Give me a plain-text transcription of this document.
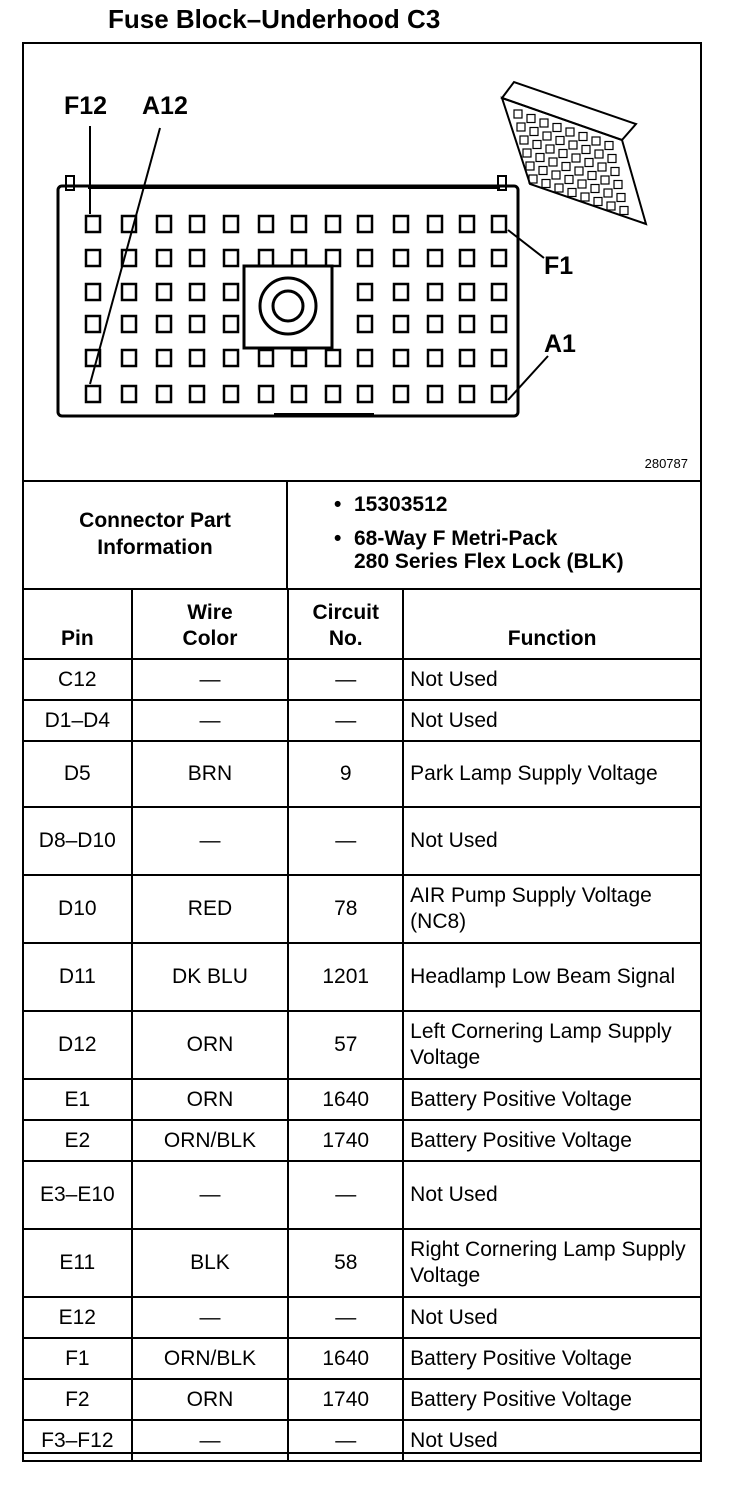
Fuse Block–Underhood C3
F12 A12
F1
A1
280787
Connector Part Information
• 15303512
• 68-Way F Metri-Pack
280 Series Flex Lock (BLK)
Pin	Wire Color	Circuit No.	Function
C12	—	—	Not Used
D1–D4	—	—	Not Used
D5	BRN	9	Park Lamp Supply Voltage
D8–D10	—	—	Not Used
D10	RED	78	AIR Pump Supply Voltage (NC8)
D11	DK BLU	1201	Headlamp Low Beam Signal
D12	ORN	57	Left Cornering Lamp Supply Voltage
E1	ORN	1640	Battery Positive Voltage
E2	ORN/BLK	1740	Battery Positive Voltage
E3–E10	—	—	Not Used
E11	BLK	58	Right Cornering Lamp Supply Voltage
E12	—	—	Not Used
F1	ORN/BLK	1640	Battery Positive Voltage
F2	ORN	1740	Battery Positive Voltage
F3–F12	—	—	Not Used
